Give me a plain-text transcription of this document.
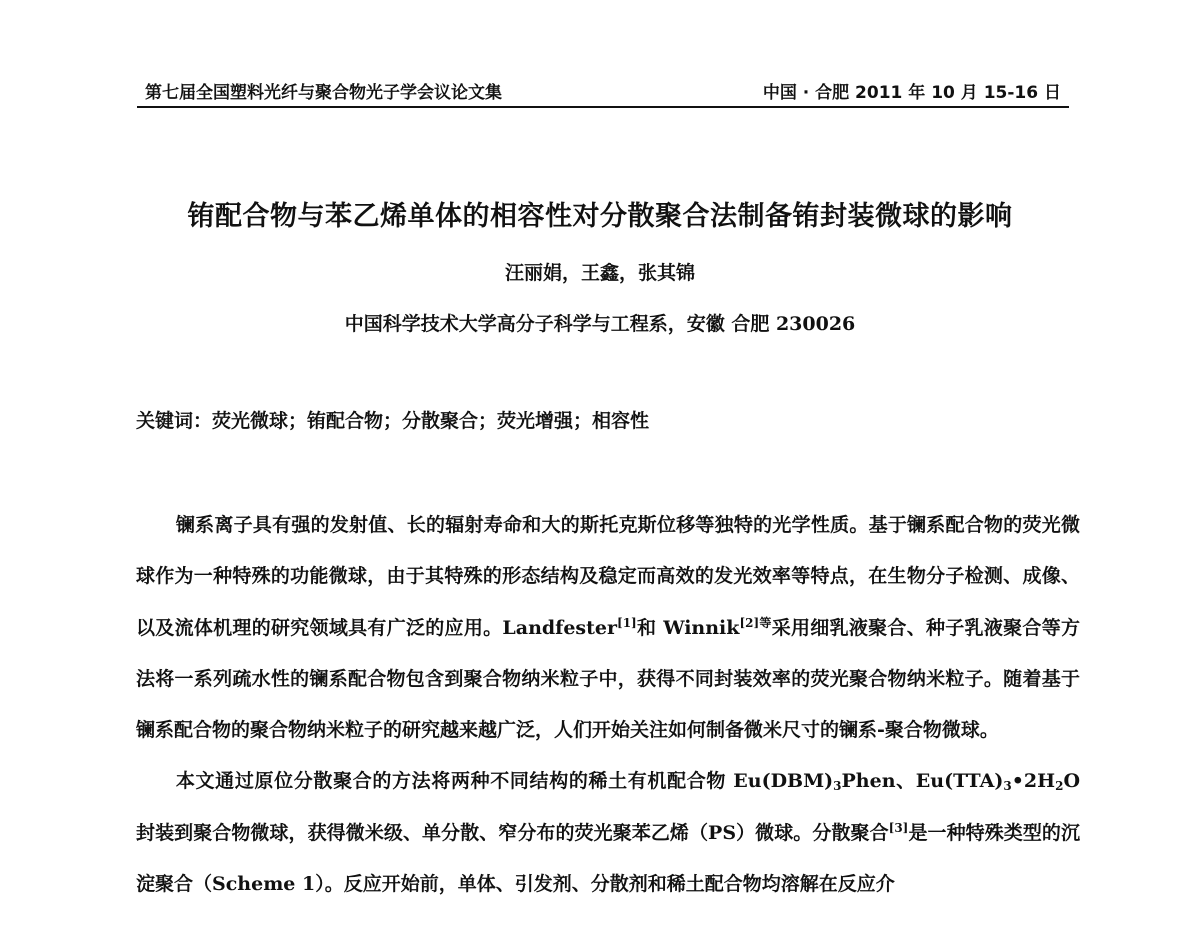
第七届全国塑料光纤与聚合物光子学会议论文集	中国 · 合肥 2011 年 10 月 15-16 日
铕配合物与苯乙烯单体的相容性对分散聚合法制备铕封装微球的影响
汪丽娟，王鑫，张其锦
中国科学技术大学高分子科学与工程系，安徽 合肥 230026
关键词：荧光微球；铕配合物；分散聚合；荧光增强；相容性

镧系离子具有强的发射值、长的辐射寿命和大的斯托克斯位移等独特的光学性质。基于镧系配合物的荧光微球作为一种特殊的功能微球，由于其特殊的形态结构及稳定而高效的发光效率等特点，在生物分子检测、成像、以及流体机理的研究领域具有广泛的应用。Landfester[1]和 Winnik$^{[2]等}$采用细乳液聚合、种子乳液聚合等方法将一系列疏水性的镧系配合物包含到聚合物纳米粒子中，获得不同封装效率的荧光聚合物纳米粒子。随着基于镧系配合物的聚合物纳米粒子的研究越来越广泛，人们开始关注如何制备微米尺寸的镧系-聚合物微球。

本文通过原位分散聚合的方法将两种不同结构的稀土有机配合物 $Eu(DBM)_3Phen$、$Eu(TTA)_3•2H_2O$ 封装到聚合物微球，获得微米级、单分散、窄分布的荧光聚苯乙烯（PS）微球。分散聚合[3]是一种特殊类型的沉淀聚合（Scheme 1）。反应开始前，单体、引发剂、分散剂和稀土配合物均溶解在反应介
